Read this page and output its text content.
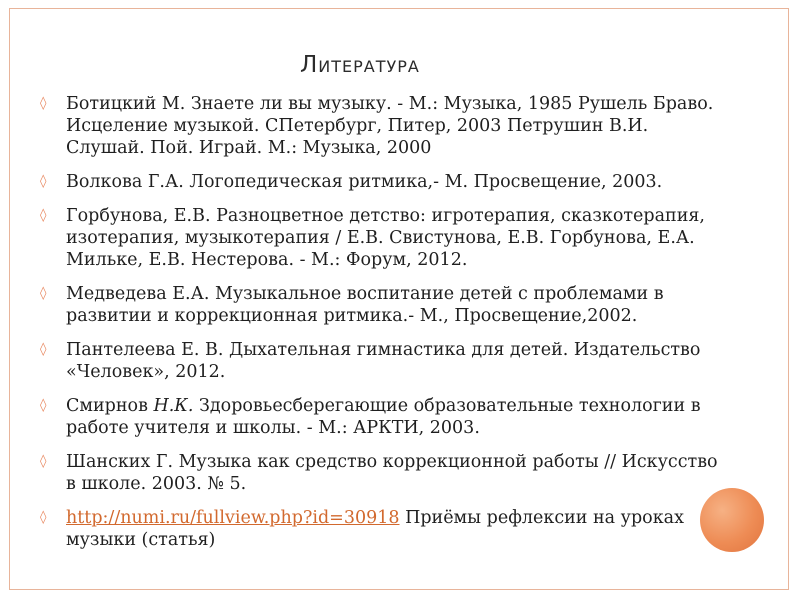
Литература
◊ Ботицкий М. Знаете ли вы музыку. - М.: Музыка, 1985 Рушель Браво. Исцеление музыкой. СПетербург, Питер, 2003 Петрушин В.И. Слушай. Пой. Играй. М.: Музыка, 2000
◊ Волкова Г.А. Логопедическая ритмика,- М. Просвещение, 2003.
◊ Горбунова, Е.В. Разноцветное детство: игротерапия, сказкотерапия, изотерапия, музыкотерапия / Е.В. Свистунова, Е.В. Горбунова, Е.А. Мильке, Е.В. Нестерова. - М.: Форум, 2012.
◊ Медведева Е.А. Музыкальное воспитание детей с проблемами в развитии и коррекционная ритмика.- М., Просвещение,2002.
◊ Пантелеева Е. В. Дыхательная гимнастика для детей. Издательство «Человек», 2012.
◊ Смирнов Н.К. Здоровьесберегающие образовательные технологии в работе учителя и школы. - М.: АРКТИ, 2003.
◊ Шанских Г. Музыка как средство коррекционной работы // Искусство в школе. 2003. № 5.
◊ http://numi.ru/fullview.php?id=30918 Приёмы рефлексии на уроках музыки (статья)
